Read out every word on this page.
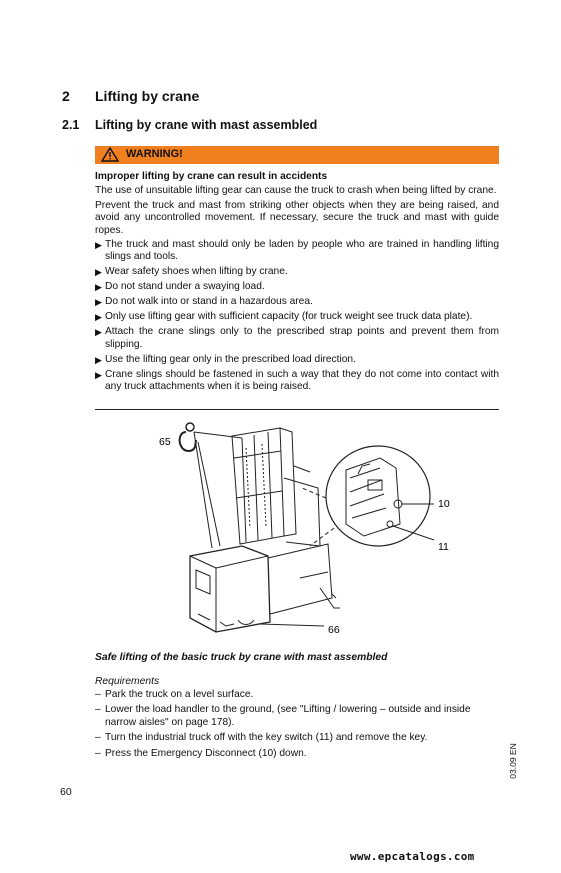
2 Lifting by crane
2.1 Lifting by crane with mast assembled
WARNING!

Improper lifting by crane can result in accidents

The use of unsuitable lifting gear can cause the truck to crash when being lifted by crane.

Prevent the truck and mast from striking other objects when they are being raised, and avoid any uncontrolled movement. If necessary, secure the truck and mast with guide ropes.

▶ The truck and mast should only be laden by people who are trained in handling lifting slings and tools.
▶ Wear safety shoes when lifting by crane.
▶ Do not stand under a swaying load.
▶ Do not walk into or stand in a hazardous area.
▶ Only use lifting gear with sufficient capacity (for truck weight see truck data plate).
▶ Attach the crane slings only to the prescribed strap points and prevent them from slipping.
▶ Use the lifting gear only in the prescribed load direction.
▶ Crane slings should be fastened in such a way that they do not come into contact with any truck attachments when it is being raised.
65
10
11
66
Safe lifting of the basic truck by crane with mast assembled
Requirements
– Park the truck on a level surface.
– Lower the load handler to the ground, (see "Lifting / lowering – outside and inside narrow aisles" on page 178).
– Turn the industrial truck off with the key switch (11) and remove the key.
– Press the Emergency Disconnect (10) down.	03.09 EN
60
www.epcatalogs.com
